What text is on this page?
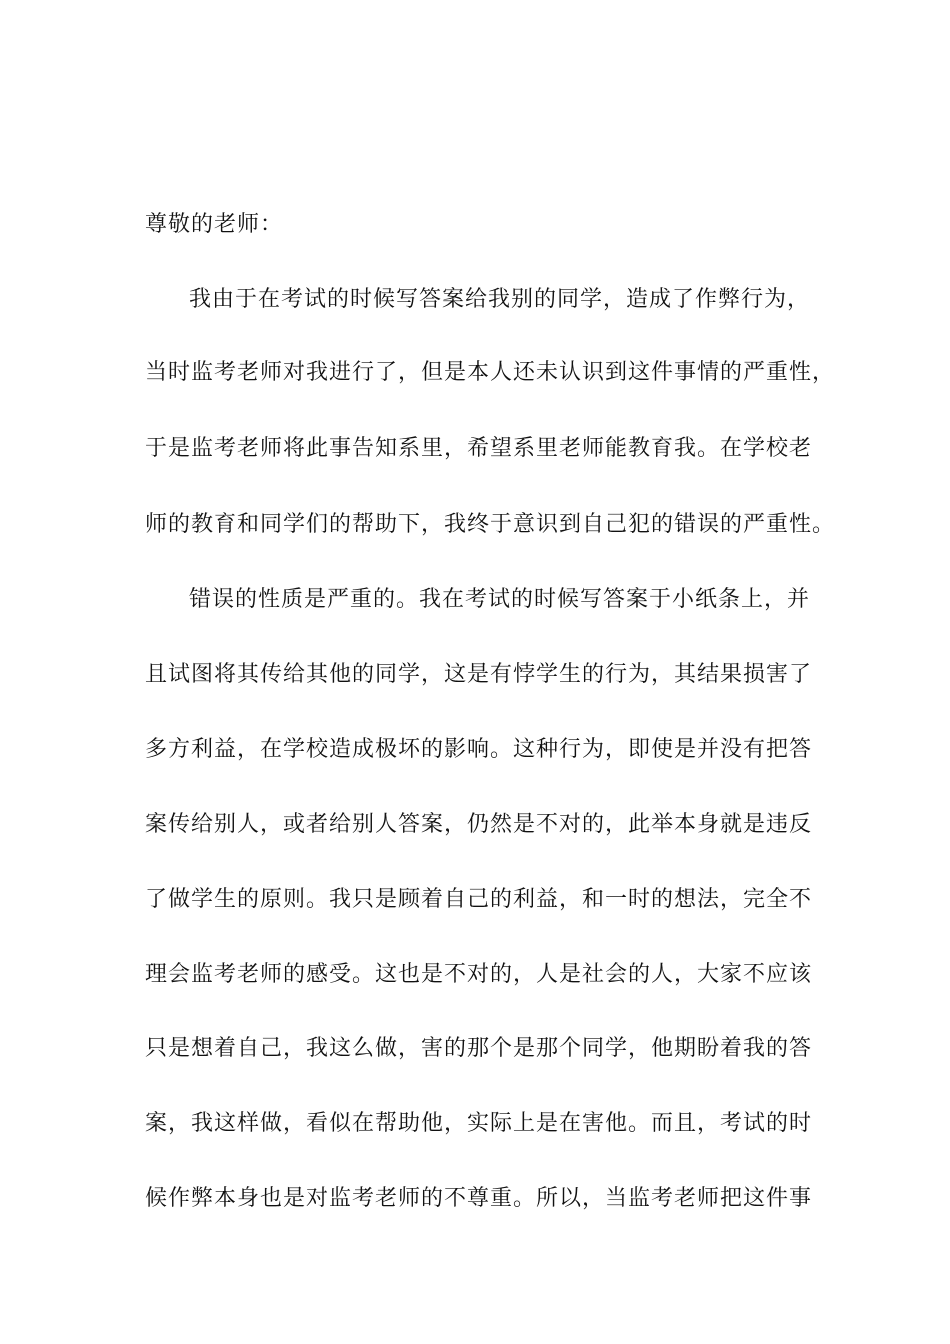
尊敬的老师：
我由于在考试的时候写答案给我别的同学，造成了作弊行为，
当时监考老师对我进行了，但是本人还未认识到这件事情的严重性，
于是监考老师将此事告知系里，希望系里老师能教育我。在学校老
师的教育和同学们的帮助下，我终于意识到自己犯的错误的严重性。
错误的性质是严重的。我在考试的时候写答案于小纸条上，并
且试图将其传给其他的同学，这是有悖学生的行为，其结果损害了
多方利益，在学校造成极坏的影响。这种行为，即使是并没有把答
案传给别人，或者给别人答案，仍然是不对的，此举本身就是违反
了做学生的原则。我只是顾着自己的利益，和一时的想法，完全不
理会监考老师的感受。这也是不对的，人是社会的人，大家不应该
只是想着自己，我这么做，害的那个是那个同学，他期盼着我的答
案，我这样做，看似在帮助他，实际上是在害他。而且，考试的时
候作弊本身也是对监考老师的不尊重。所以，当监考老师把这件事
